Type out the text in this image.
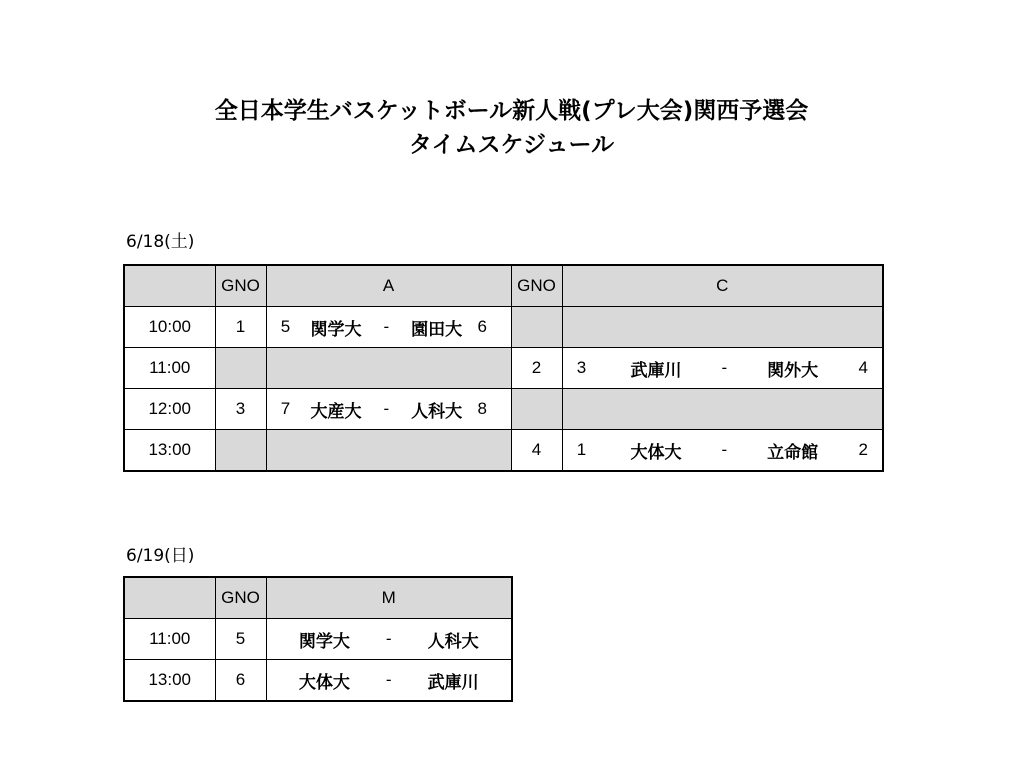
全日本学生バスケットボール新人戦(プレ大会)関西予選会
タイムスケジュール
6/18(土)
	GNO	A	GNO	C
10:00	1	5 関学大 - 園田大 6		

11:00			2	3 武庫川 - 関外大 4

12:00	3	7 大産大 - 人科大 8		

13:00			4	1 大体大 - 立命館 2
6/19(日)
	GNO	M
11:00	5	関学大 - 人科大

13:00	6	大体大 - 武庫川
